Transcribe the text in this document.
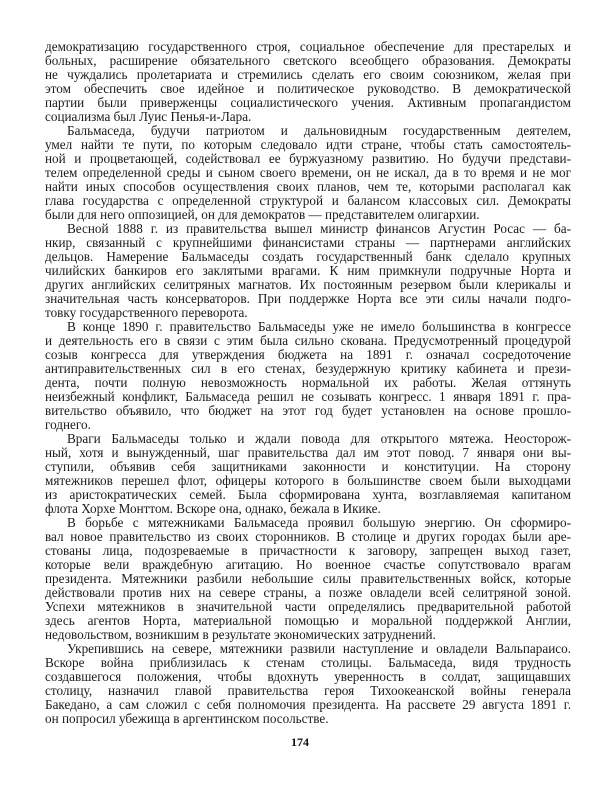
демократизацию государственного строя, социальное обеспечение для престарелых и
больных, расширение обязательного светского всеобщего образования. Демократы
не чуждались пролетариата и стремились сделать его своим союзником, желая при
этом обеспечить свое идейное и политическое руководство. В демократической
партии были приверженцы социалистического учения. Активным пропагандистом
социализма был Луис Пенья-и-Лара.
Бальмаседа, будучи патриотом и дальновидным государственным деятелем,
умел найти те пути, по которым следовало идти стране, чтобы стать самостоятель-
ной и процветающей, содействовал ее буржуазному развитию. Но будучи представи-
телем определенной среды и сыном своего времени, он не искал, да в то время и не мог
найти иных способов осуществления своих планов, чем те, которыми располагал как
глава государства с определенной структурой и балансом классовых сил. Демократы
были для него оппозицией, он для демократов — представителем олигархии.
Весной 1888 г. из правительства вышел министр финансов Агустин Росас — ба-
нкир, связанный с крупнейшими финансистами страны — партнерами английских
дельцов. Намерение Бальмаседы создать государственный банк сделало крупных
чилийских банкиров его заклятыми врагами. К ним примкнули подручные Норта и
других английских селитряных магнатов. Их постоянным резервом были клерикалы и
значительная часть консерваторов. При поддержке Норта все эти силы начали подго-
товку государственного переворота.
В конце 1890 г. правительство Бальмаседы уже не имело большинства в конгрессе
и деятельность его в связи с этим была сильно скована. Предусмотренный процедурой
созыв конгресса для утверждения бюджета на 1891 г. означал сосредоточение
антиправительственных сил в его стенах, безудержную критику кабинета и прези-
дента, почти полную невозможность нормальной их работы. Желая оттянуть
неизбежный конфликт, Бальмаседа решил не созывать конгресс. 1 января 1891 г. пра-
вительство объявило, что бюджет на этот год будет установлен на основе прошло-
годнего.
Враги Бальмаседы только и ждали повода для открытого мятежа. Неосторож-
ный, хотя и вынужденный, шаг правительства дал им этот повод. 7 января они вы-
ступили, объявив себя защитниками законности и конституции. На сторону
мятежников перешел флот, офицеры которого в большинстве своем были выходцами
из аристократических семей. Была сформирована хунта, возглавляемая капитаном
флота Хорхе Монттом. Вскоре она, однако, бежала в Икике.
В борьбе с мятежниками Бальмаседа проявил большую энергию. Он сформиро-
вал новое правительство из своих сторонников. В столице и других городах были аре-
стованы лица, подозреваемые в причастности к заговору, запрещен выход газет,
которые вели враждебную агитацию. Но военное счастье сопутствовало врагам
президента. Мятежники разбили небольшие силы правительственных войск, которые
действовали против них на севере страны, а позже овладели всей селитряной зоной.
Успехи мятежников в значительной части определялись предварительной работой
здесь агентов Норта, материальной помощью и моральной поддержкой Англии,
недовольством, возникшим в результате экономических затруднений.
Укрепившись на севере, мятежники развили наступление и овладели Вальпараисо.
Вскоре война приблизилась к стенам столицы. Бальмаседа, видя трудность
создавшегося положения, чтобы вдохнуть уверенность в солдат, защищавших
столицу, назначил главой правительства героя Тихоокеанской войны генерала
Бакедано, а сам сложил с себя полномочия президента. На рассвете 29 августа 1891 г.
он попросил убежища в аргентинском посольстве.
174
